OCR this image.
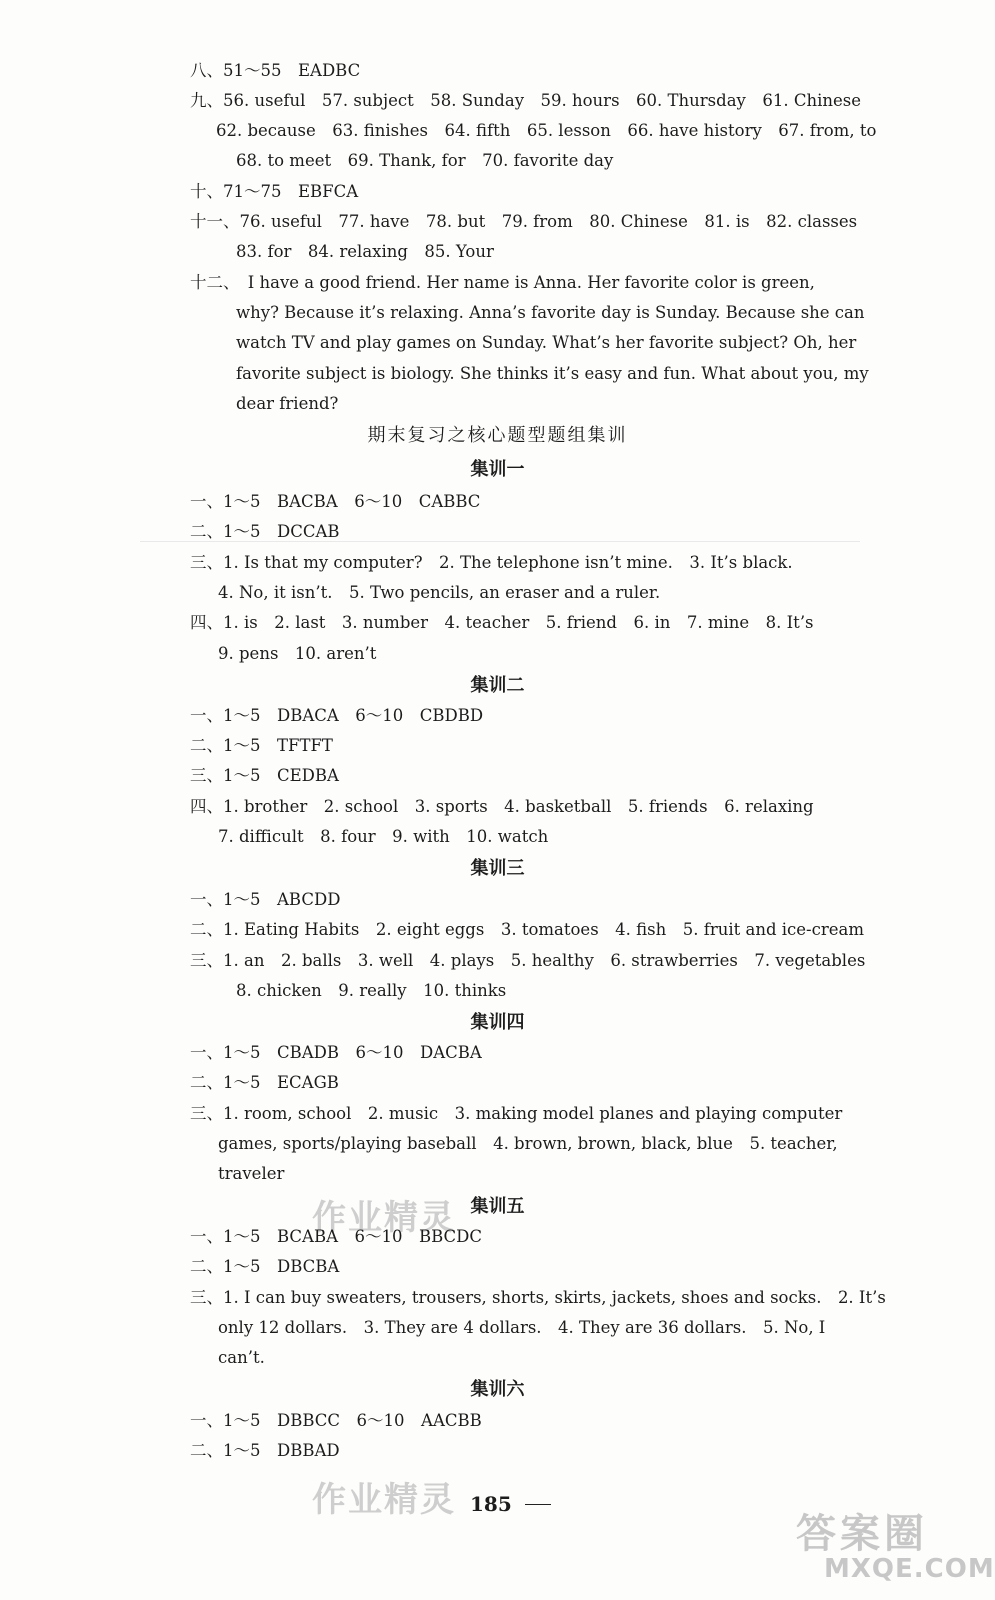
八、51～55　EADBC
九、56. useful　57. subject　58. Sunday　59. hours　60. Thursday　61. Chinese
62. because　63. finishes　64. fifth　65. lesson　66. have history　67. from, to
68. to meet　69. Thank, for　70. favorite day
十、71～75　EBFCA
十一、76. useful　77. have　78. but　79. from　80. Chinese　81. is　82. classes
83. for　84. relaxing　85. Your
十二、　I have a good friend. Her name is Anna. Her favorite color is green,
why? Because it’s relaxing. Anna’s favorite day is Sunday. Because she can
watch TV and play games on Sunday. What’s her favorite subject? Oh, her
favorite subject is biology. She thinks it’s easy and fun. What about you, my
dear friend?
期末复习之核心题型题组集训
集训一
一、1～5　BACBA　6～10　CABBC
二、1～5　DCCAB
三、1. Is that my computer?　2. The telephone isn’t mine.　3. It’s black.
4. No, it isn’t.　5. Two pencils, an eraser and a ruler.
四、1. is　2. last　3. number　4. teacher　5. friend　6. in　7. mine　8. It’s
9. pens　10. aren’t
集训二
一、1～5　DBACA　6～10　CBDBD
二、1～5　TFTFT
三、1～5　CEDBA
四、1. brother　2. school　3. sports　4. basketball　5. friends　6. relaxing
7. difficult　8. four　9. with　10. watch
集训三
一、1～5　ABCDD
二、1. Eating Habits　2. eight eggs　3. tomatoes　4. fish　5. fruit and ice-cream
三、1. an　2. balls　3. well　4. plays　5. healthy　6. strawberries　7. vegetables
8. chicken　9. really　10. thinks
集训四
一、1～5　CBADB　6～10　DACBA
二、1～5　ECAGB
三、1. room, school　2. music　3. making model planes and playing computer
games, sports/playing baseball　4. brown, brown, black, blue　5. teacher,
traveler
作业精灵 集训五
一、1～5　BCABA　6～10　BBCDC
二、1～5　DBCBA
三、1. I can buy sweaters, trousers, shorts, skirts, jackets, shoes and socks.　2. It’s
only 12 dollars.　3. They are 4 dollars.　4. They are 36 dollars.　5. No, I
can’t.
集训六
一、1～5　DBBCC　6～10　AACBB
二、1～5　DBBAD
作业精灵 185
答案圈
MXQE.COM
